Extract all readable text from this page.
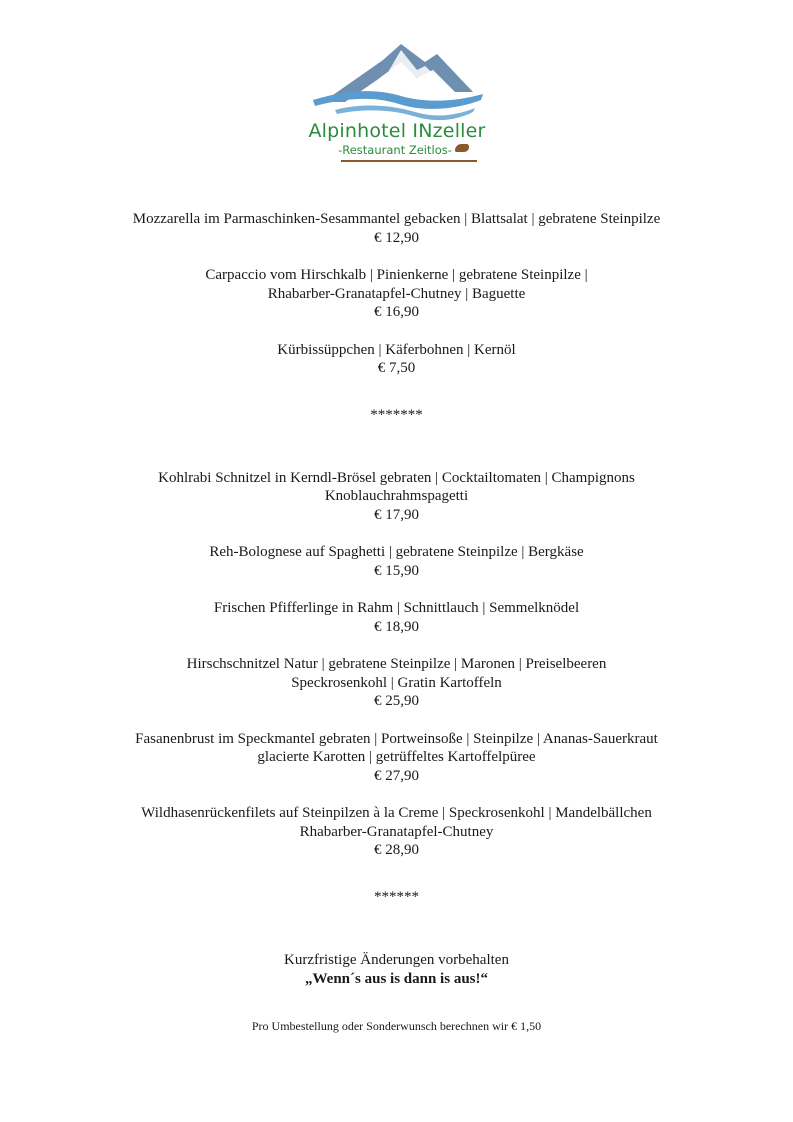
Alpinhotel INzeller
-Restaurant Zeitlos-
Mozzarella im Parmaschinken-Sesammantel gebacken | Blattsalat | gebratene Steinpilze
€ 12,90
Carpaccio vom Hirschkalb | Pinienkerne | gebratene Steinpilze |
Rhabarber-Granatapfel-Chutney | Baguette
€ 16,90
Kürbissüppchen | Käferbohnen | Kernöl
€ 7,50
*******
Kohlrabi Schnitzel in Kerndl-Brösel gebraten | Cocktailtomaten | Champignons
Knoblauchrahmspagetti
€ 17,90
Reh-Bolognese auf Spaghetti | gebratene Steinpilze | Bergkäse
€ 15,90
Frischen Pfifferlinge in Rahm | Schnittlauch | Semmelknödel
€ 18,90
Hirschschnitzel Natur | gebratene Steinpilze | Maronen | Preiselbeeren
Speckrosenkohl | Gratin Kartoffeln
€ 25,90
Fasanenbrust im Speckmantel gebraten | Portweinsoße | Steinpilze | Ananas-Sauerkraut
glacierte Karotten | getrüffeltes Kartoffelpüree
€ 27,90
Wildhasenrückenfilets auf Steinpilzen à la Creme | Speckrosenkohl | Mandelbällchen
Rhabarber-Granatapfel-Chutney
€ 28,90
******
Kurzfristige Änderungen vorbehalten
„Wenn´s aus is dann is aus!“
Pro Umbestellung oder Sonderwunsch berechnen wir € 1,50
